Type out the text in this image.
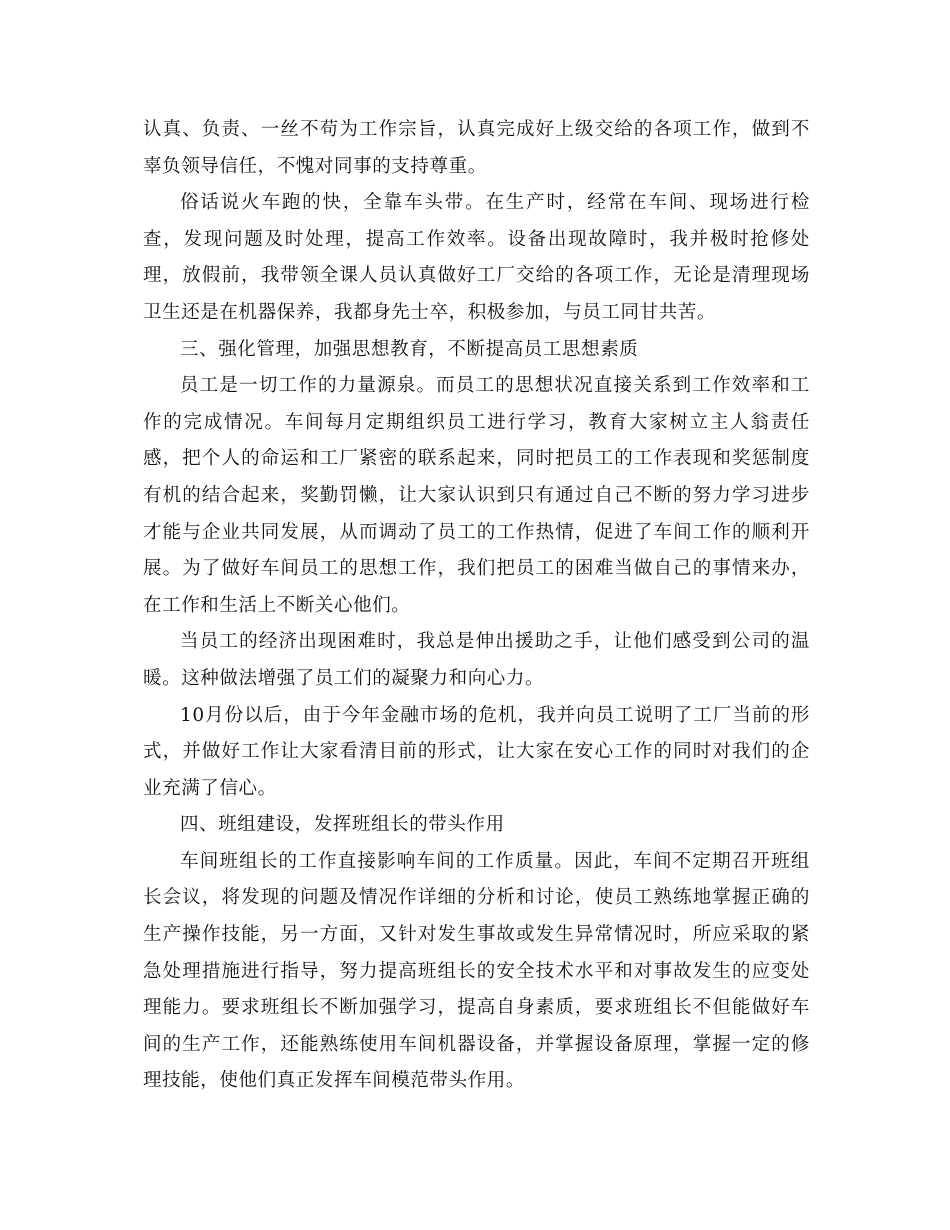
认真、负责、一丝不苟为工作宗旨，认真完成好上级交给的各项工作，做到不辜负领导信任，不愧对同事的支持尊重。

俗话说火车跑的快，全靠车头带。在生产时，经常在车间、现场进行检查，发现问题及时处理，提高工作效率。设备出现故障时，我并极时抢修处理，放假前，我带领全课人员认真做好工厂交给的各项工作，无论是清理现场卫生还是在机器保养，我都身先士卒，积极参加，与员工同甘共苦。

三、强化管理，加强思想教育，不断提高员工思想素质

员工是一切工作的力量源泉。而员工的思想状况直接关系到工作效率和工作的完成情况。车间每月定期组织员工进行学习，教育大家树立主人翁责任感，把个人的命运和工厂紧密的联系起来，同时把员工的工作表现和奖惩制度有机的结合起来，奖勤罚懒，让大家认识到只有通过自己不断的努力学习进步才能与企业共同发展，从而调动了员工的工作热情，促进了车间工作的顺利开展。为了做好车间员工的思想工作，我们把员工的困难当做自己的事情来办，在工作和生活上不断关心他们。

当员工的经济出现困难时，我总是伸出援助之手，让他们感受到公司的温暖。这种做法增强了员工们的凝聚力和向心力。

10月份以后，由于今年金融市场的危机，我并向员工说明了工厂当前的形式，并做好工作让大家看清目前的形式，让大家在安心工作的同时对我们的企业充满了信心。

四、班组建设，发挥班组长的带头作用

车间班组长的工作直接影响车间的工作质量。因此，车间不定期召开班组长会议，将发现的问题及情况作详细的分析和讨论，使员工熟练地掌握正确的生产操作技能，另一方面，又针对发生事故或发生异常情况时，所应采取的紧急处理措施进行指导，努力提高班组长的安全技术水平和对事故发生的应变处理能力。要求班组长不断加强学习，提高自身素质，要求班组长不但能做好车间的生产工作，还能熟练使用车间机器设备，并掌握设备原理，掌握一定的修理技能，使他们真正发挥车间模范带头作用。
